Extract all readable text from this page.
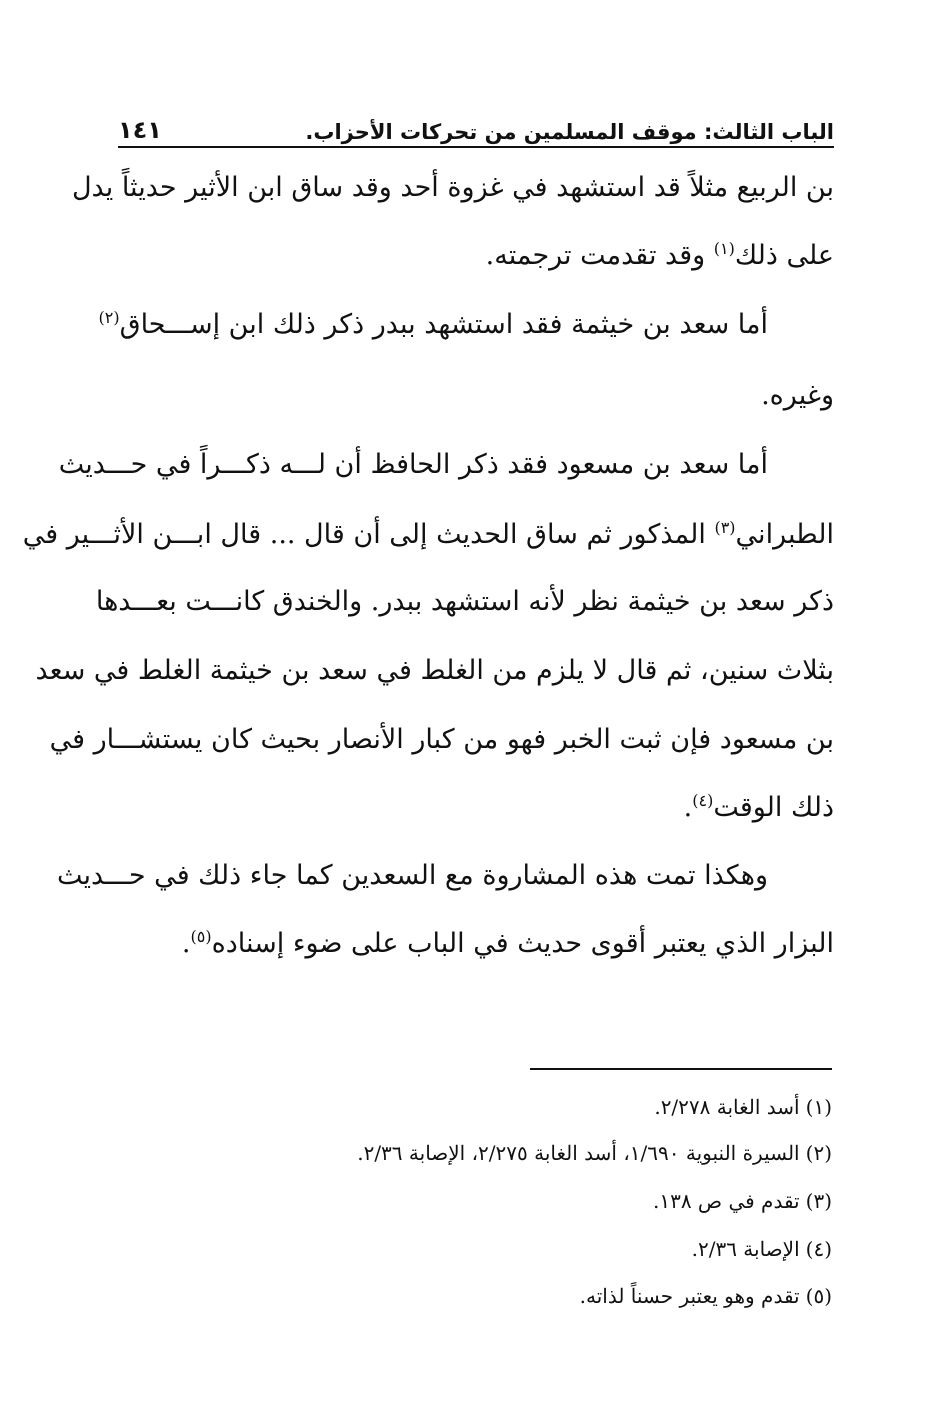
الباب الثالث: موقف المسلمين من تحركات الأحزاب.
١٤١
بن الربيع مثلاً قد استشهد في غزوة أحد وقد ساق ابن الأثير حديثاً يدل
على ذلك$^{(١)}$ وقد تقدمت ترجمته.
أما سعد بن خيثمة فقد استشهد ببدر ذكر ذلك ابن إســـحاق$^{(٢)}$
وغيره.
أما سعد بن مسعود فقد ذكر الحافظ أن لـــه ذكـــراً في حـــديث
الطبراني$^{(٣)}$ المذكور ثم ساق الحديث إلى أن قال ... قال ابـــن الأثـــير في
ذكر سعد بن خيثمة نظر لأنه استشهد ببدر. والخندق كانـــت بعـــدها
بثلاث سنين، ثم قال لا يلزم من الغلط في سعد بن خيثمة الغلط في سعد
بن مسعود فإن ثبت الخبر فهو من كبار الأنصار بحيث كان يستشـــار في
ذلك الوقت$^{(٤)}$.
وهكذا تمت هذه المشاروة مع السعدين كما جاء ذلك في حـــديث
البزار الذي يعتبر أقوى حديث في الباب على ضوء إسناده$^{(٥)}$.
(١)أسد الغابة ٢/٢٧٨.
(٢)السيرة النبوية ١/٦٩٠، أسد الغابة ٢/٢٧٥، الإصابة ٢/٣٦.
(٣)تقدم في ص ١٣٨.
(٤)الإصابة ٢/٣٦.
(٥)تقدم وهو يعتبر حسناً لذاته.
